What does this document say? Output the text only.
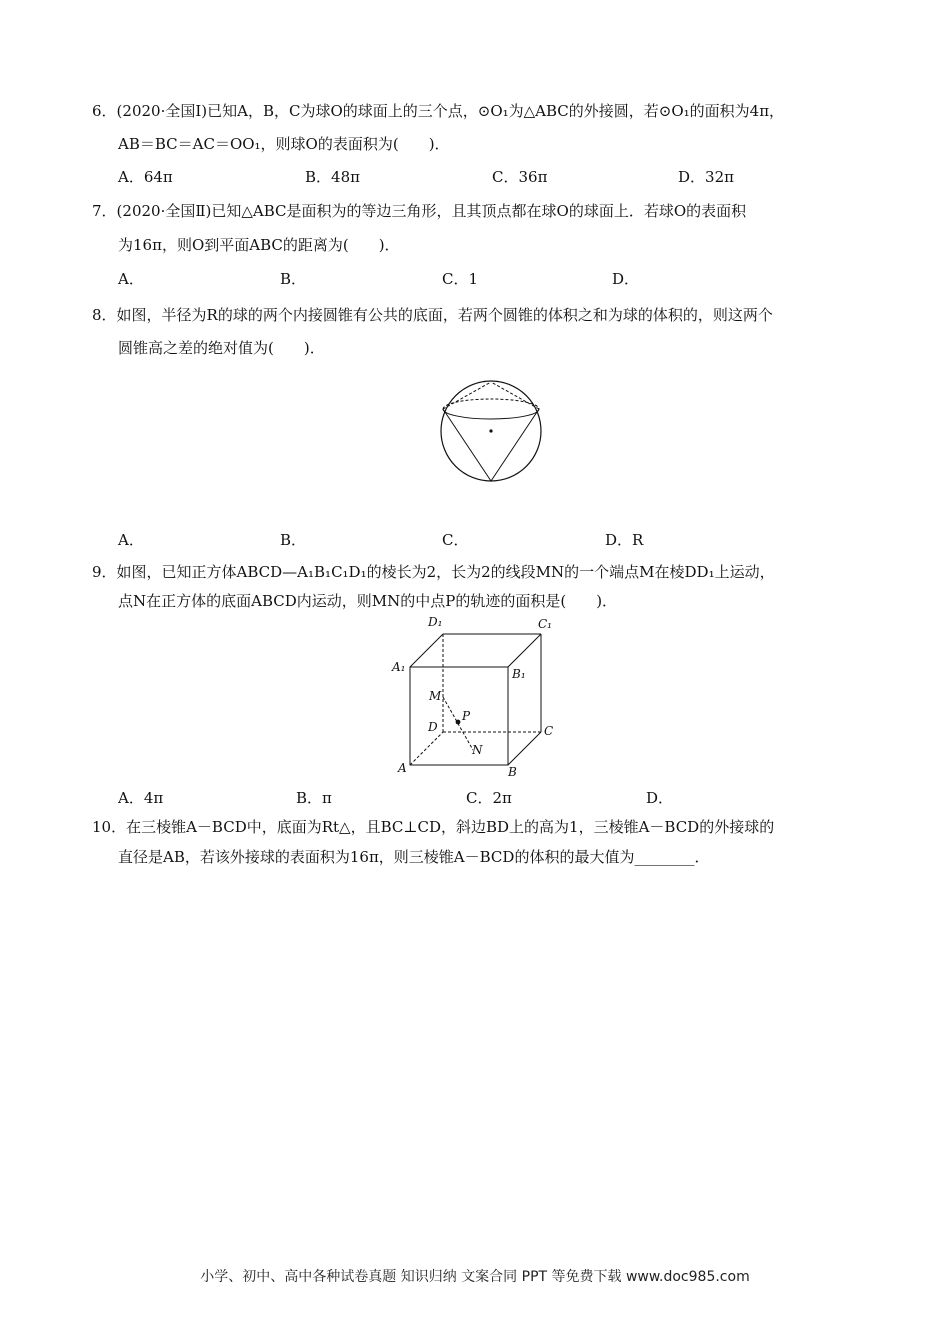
6．(2020·全国Ⅰ)已知A，B，C为球O的球面上的三个点，⊙O₁为△ABC的外接圆，若⊙O₁的面积为4π，
AB＝BC＝AC＝OO₁，则球O的表面积为(　　)．
A．64π	B．48π	C．36π	D．32π
7．(2020·全国Ⅱ)已知△ABC是面积为的等边三角形，且其顶点都在球O的球面上．若球O的表面积
为16π，则O到平面ABC的距离为(　　)．
A．	B．	C．1	D．
8．如图，半径为R的球的两个内接圆锥有公共的底面，若两个圆锥的体积之和为球的体积的，则这两个
圆锥高之差的绝对值为(　　)．
A．	B．	C．	D．R
9．如图，已知正方体ABCD—A₁B₁C₁D₁的棱长为2，长为2的线段MN的一个端点M在棱DD₁上运动，
点N在正方体的底面ABCD内运动，则MN的中点P的轨迹的面积是(　　)．
D₁	C₁
A₁	B₁
M
P
D	C
N
A	B
A．4π	B．π	C．2π	D．
10．在三棱锥A－BCD中，底面为Rt△，且BC⊥CD，斜边BD上的高为1，三棱锥A－BCD的外接球的
直径是AB，若该外接球的表面积为16π，则三棱锥A－BCD的体积的最大值为________．
小学、初中、高中各种试卷真题 知识归纳 文案合同 PPT 等免费下载 www.doc985.com
